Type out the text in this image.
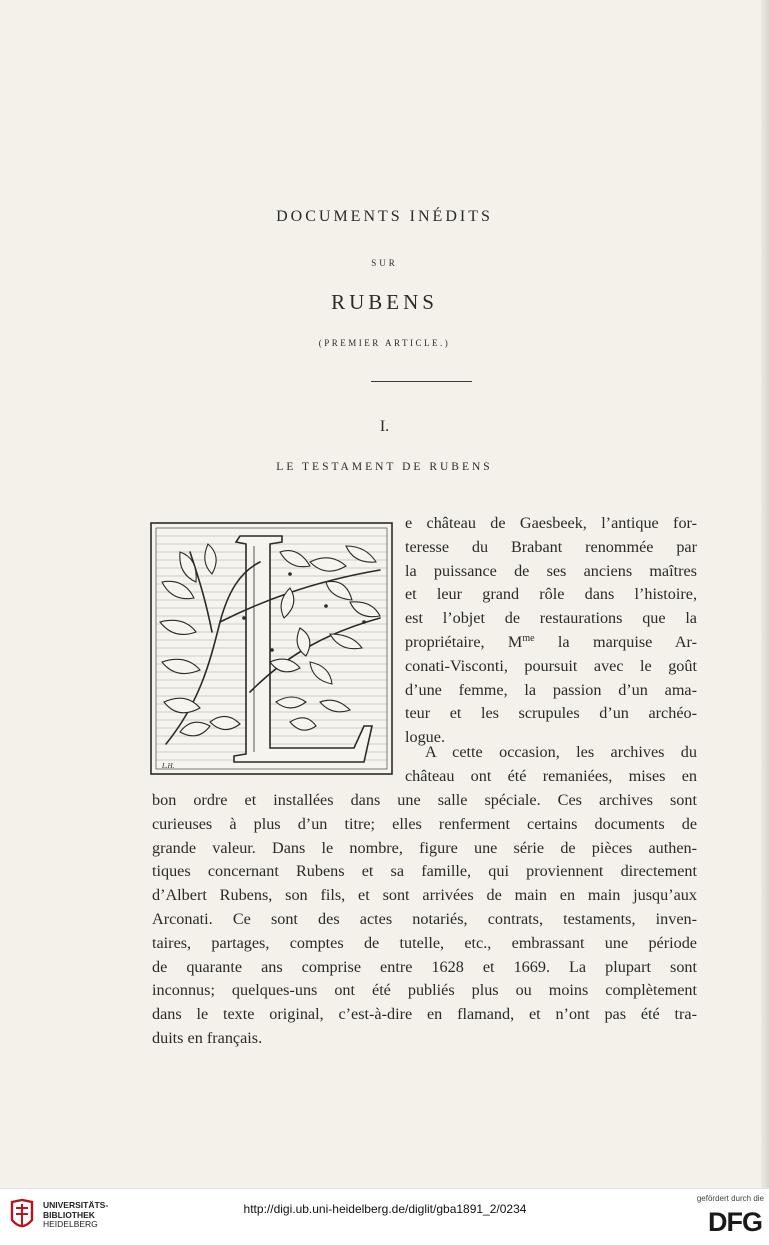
DOCUMENTS INÉDITS
SUR
RUBENS
(PREMIER ARTICLE.)
I.
LE TESTAMENT DE RUBENS
L.H.
e château de Gaesbeek, l’antique for-
teresse du Brabant renommée par
la puissance de ses anciens maîtres
et leur grand rôle dans l’histoire,
est l’objet de restaurations que la
propriétaire, $M^{me}$ la marquise Ar-
conati-Visconti, poursuit avec le goût
d’une femme, la passion d’un ama-
teur et les scrupules d’un archéo-
logue.
A cette occasion, les archives du
château ont été remaniées, mises en
bon ordre et installées dans une salle spéciale. Ces archives sont
curieuses à plus d’un titre; elles renferment certains documents de
grande valeur. Dans le nombre, figure une série de pièces authen-
tiques concernant Rubens et sa famille, qui proviennent directement
d’Albert Rubens, son fils, et sont arrivées de main en main jusqu’aux
Arconati. Ce sont des actes notariés, contrats, testaments, inven-
taires, partages, comptes de tutelle, etc., embrassant une période
de quarante ans comprise entre 1628 et 1669. La plupart sont
inconnus; quelques-uns ont été publiés plus ou moins complètement
dans le texte original, c’est-à-dire en flamand, et n’ont pas été tra-
duits en français.
UNIVERSITÄTS-
BIBLIOTHEK
HEIDELBERG
http://digi.ub.uni-heidelberg.de/diglit/gba1891_2/0234
gefördert durch die
DFG
